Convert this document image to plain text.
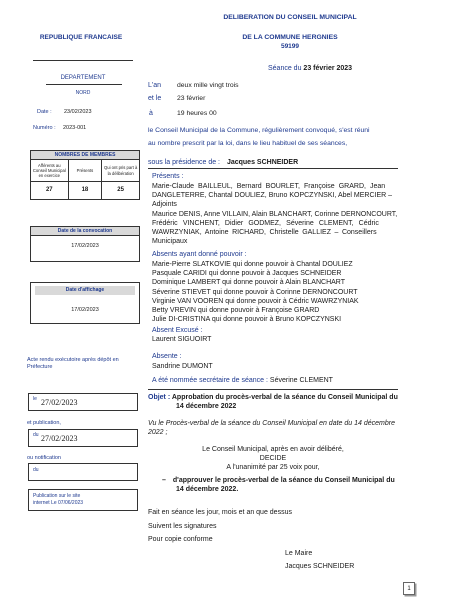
DELIBERATION DU CONSEIL MUNICIPAL
DE LA COMMUNE HERGNIES
59199
REPUBLIQUE FRANCAISE
DEPARTEMENT
NORD
Date : 23/02/2023
Numéro : 2023-001
NOMBRES DE MEMBRES		
Afférents au Conseil Municipal en exercice	Présents	Qui ont pris part à la délibération
27	18	25
Date de la convocation
17/02/2023
Date d'affichage
17/02/2023
Acte rendu exécutoire après dépôt en Préfecture
le 27/02/2023
et publication,
du 27/02/2023
ou notification
du
Publication sur le site internet Le 07/06/2023
Séance du 23 février 2023
L'an deux mille vingt trois
et le 23 février
à	19 heures 00
le Conseil Municipal de la Commune, régulièrement convoqué, s'est réuni
au nombre prescrit par la loi, dans le lieu habituel de ses séances,
sous la présidence de : Jacques SCHNEIDER
Présents :
Marie-Claude BAILLEUL, Bernard BOURLET, Françoise GRARD, Jean
DANGLETERRE, Chantal DOULIEZ, Bruno KOPCZYNSKI, Abel MERCIER –
Adjoints
Maurice DENIS, Anne VILLAIN, Alain BLANCHART, Corinne DERNONCOURT,
Frédéric VINCHENT, Didier GODMEZ, Séverine CLEMENT, Cédric
WAWRZYNIAK, Antoine RICHARD, Christelle GALLIEZ – Conseillers
Municipaux
Absents ayant donné pouvoir :
Marie-Pierre SLATKOVIE qui donne pouvoir à Chantal DOULIEZ
Pasquale CARIDI qui donne pouvoir à Jacques SCHNEIDER
Dominique LAMBERT qui donne pouvoir à Alain BLANCHART
Séverine STIEVET qui donne pouvoir à Corinne DERNONCOURT
Virginie VAN VOOREN qui donne pouvoir à Cédric WAWRZYNIAK
Betty VREVIN qui donne pouvoir à Françoise GRARD
Julie DI-CRISTINA qui donne pouvoir à Bruno KOPCZYNSKI
Absent Excusé :
Laurent SIGUOIRT
Absente :
Sandrine DUMONT
A été nommée secrétaire de séance : Séverine CLEMENT
Objet : Approbation du procès-verbal de la séance du Conseil Municipal du
14 décembre 2022
Vu le Procès-verbal de la séance du Conseil Municipal en date du 14 décembre
2022 ;
Le Conseil Municipal, après en avoir délibéré,
DECIDE
A l'unanimité par 25 voix pour,
– d'approuver le procès-verbal de la séance du Conseil Municipal du
14 décembre 2022.
Fait en séance les jour, mois et an que dessus
Suivent les signatures
Pour copie conforme
Le Maire
Jacques SCHNEIDER
1
